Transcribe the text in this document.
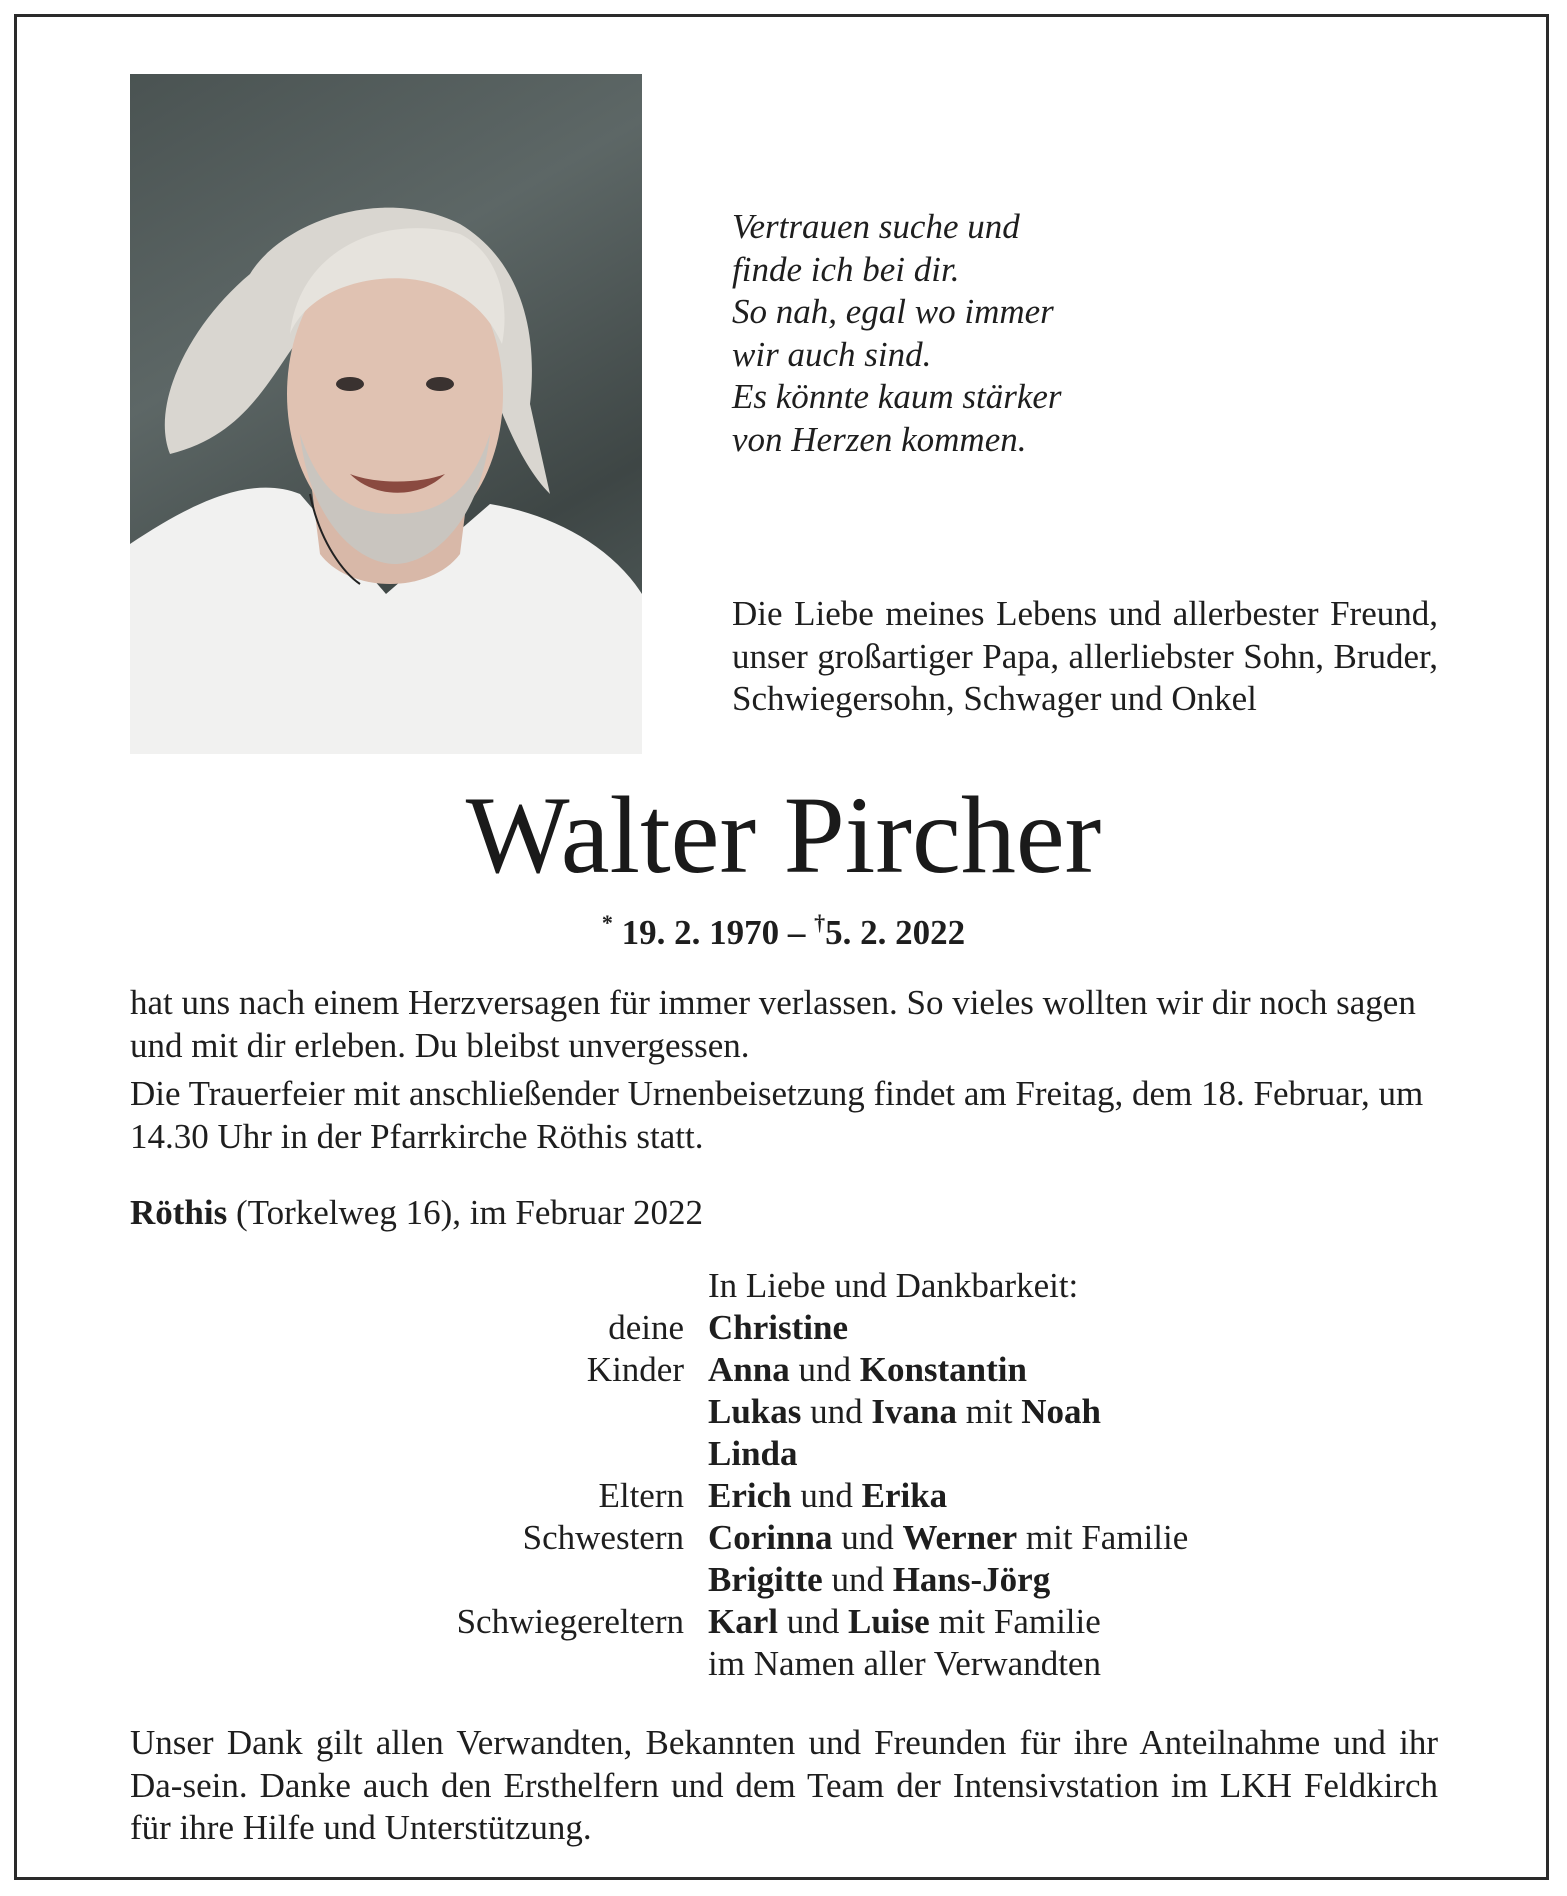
Vertrauen suche und
finde ich bei dir.
So nah, egal wo immer
wir auch sind.
Es könnte kaum stärker
von Herzen kommen.

Die Liebe meines Lebens und allerbester Freund, unser großartiger Papa, allerliebster Sohn, Bruder, Schwiegersohn, Schwager und Onkel

Walter Pircher
* 19. 2. 1970 – †5. 2. 2022

hat uns nach einem Herzversagen für immer verlassen. So vieles wollten wir dir noch sagen und mit dir erleben. Du bleibst unvergessen.

Die Trauerfeier mit anschließender Urnenbeisetzung findet am Freitag, dem 18. Februar, um 14.30 Uhr in der Pfarrkirche Röthis statt.

Röthis (Torkelweg 16), im Februar 2022

In Liebe und Dankbarkeit:
deine Christine
Kinder Anna und Konstantin
Lukas und Ivana mit Noah
Linda
Eltern Erich und Erika
Schwestern Corinna und Werner mit Familie
Brigitte und Hans-Jörg
Schwiegereltern Karl und Luise mit Familie
im Namen aller Verwandten

Unser Dank gilt allen Verwandten, Bekannten und Freunden für ihre Anteilnahme und ihr Da-sein. Danke auch den Ersthelfern und dem Team der Intensivstation im LKH Feldkirch für ihre Hilfe und Unterstützung.
